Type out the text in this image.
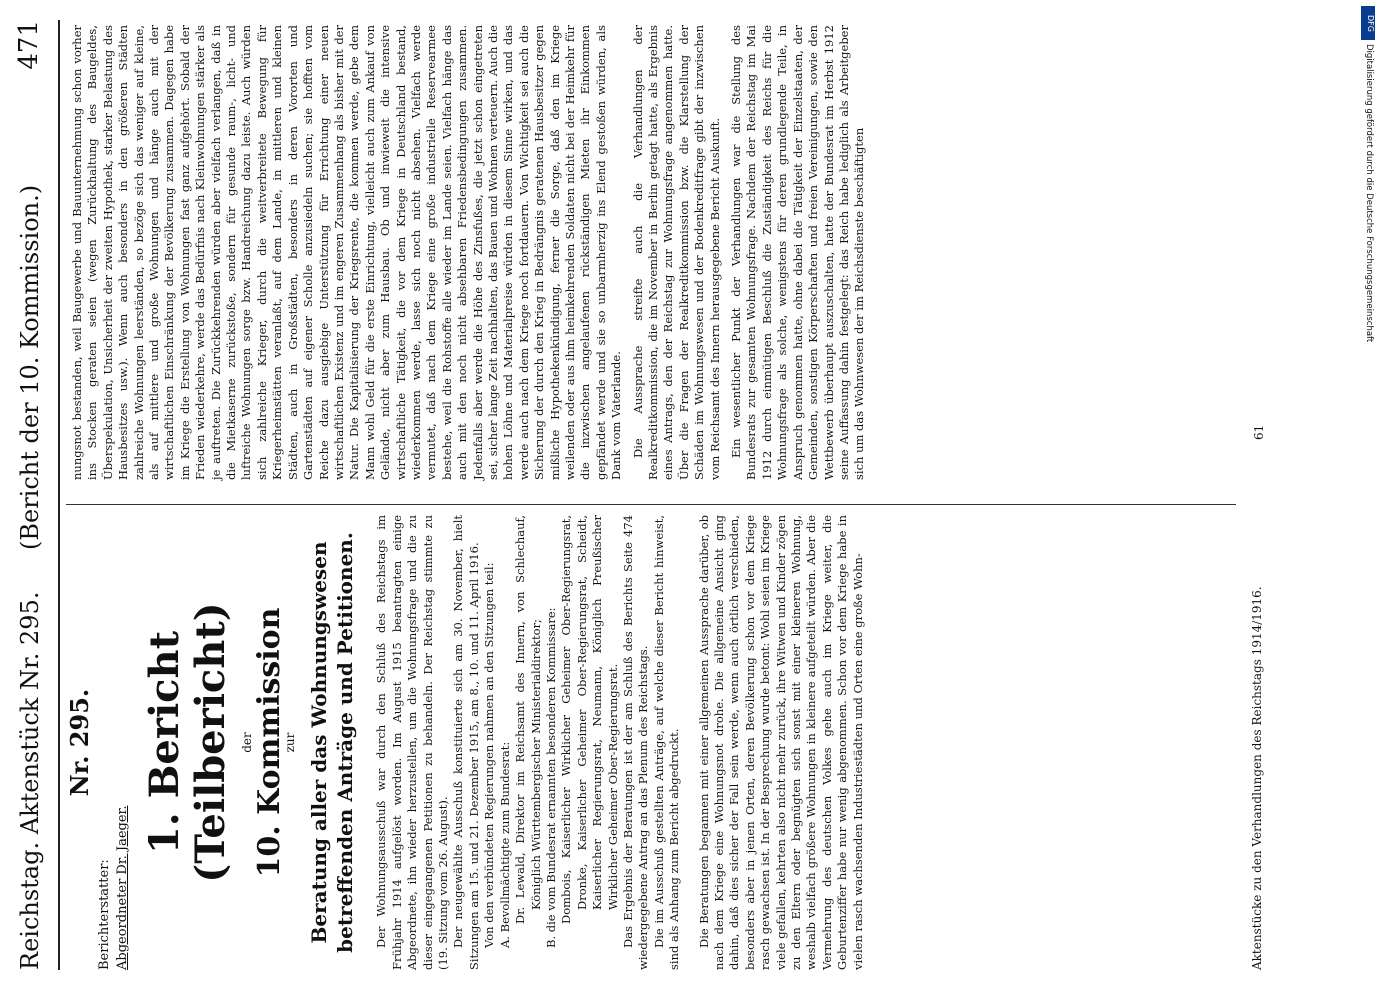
Reichstag. Aktenstück Nr. 295.
(Bericht der 10. Kommission.)
471
Nr. 295.
Berichterstatter: Abgeordneter Dr. Jaeger.
1. Bericht (Teilbericht) der
10. Kommission
zur Beratung aller das Wohnungswesen betreffenden Anträge und Petitionen. Der Wohnungsausschuß war durch den Schluß des Reichstags im Frühjahr 1914 aufgelöst worden. Im August 1915 beantragten einige Abgeordnete, ihn wieder herzustellen, um die Wohnungsfrage und die zu dieser eingegangenen Petitionen zu behandeln. Der Reichstag stimmte zu (19. Sitzung vom 26. August). Der neugewählte Ausschuß konstituierte sich am 30. November, hielt Sitzungen am 15. und 21. Dezember 1915, am 8., 10. und 11. April 1916. Von den verbündeten Regierungen nahmen an den Sitzungen teil: A. Bevollmächtigte zum Bundesrat: Dr. Lewald, Direktor im Reichsamt des Innern, von Schlechauf, Königlich Württembergischer Ministerialdirektor; B. die vom Bundesrat ernannten besonderen Kommissare: Dombois, Kaiserlicher Wirklicher Geheimer Ober-Regierungsrat, Dronke, Kaiserlicher Geheimer Ober-Regierungsrat, Scheidt, Kaiserlicher Regierungsrat, Neumann, Königlich Preußischer Wirklicher Geheimer Ober-Regierungsrat. Das Ergebnis der Beratungen ist der am Schluß des Berichts Seite 474 wiedergegebene Antrag an das Plenum des Reichstags. Die im Ausschuß gestellten Anträge, auf welche dieser Bericht hinweist, sind als Anhang zum Bericht abgedruckt. Die Beratungen begannen mit einer allgemeinen Aussprache darüber, ob nach dem Kriege eine Wohnungsnot drohe. Die allgemeine Ansicht ging dahin, daß dies sicher der Fall sein werde, wenn auch örtlich verschieden, besonders aber in jenen Orten, deren Bevölkerung schon vor dem Kriege rasch gewachsen ist. In der Besprechung wurde betont: Wohl seien im Kriege viele gefallen, kehrten also nicht mehr zurück, ihre Witwen und Kinder zögen zu den Eltern oder begnügten sich sonst mit einer kleineren Wohnung, weshalb vielfach größere Wohnungen in kleinere aufgeteilt würden. Aber die Vermehrung des deutschen Volkes gehe auch im Kriege weiter, die Geburtenziffer habe nur wenig abgenommen. Schon vor dem Kriege habe in vielen rasch wachsenden Industriestädten und Orten eine große Wohn-

nungsnot bestanden, weil Baugewerbe und Bauunternehmung schon vorher ins Stocken geraten seien (wegen Zurückhaltung des Baugeldes, Überspekulation, Unsicherheit der zweiten Hypothek, starker Belastung des Hausbesitzes usw.). Wenn auch besonders in den größeren Städten zahlreiche Wohnungen leerständen, so bezöge sich das weniger auf kleine, als auf mittlere und große Wohnungen und hänge auch mit der wirtschaftlichen Einschränkung der Bevölkerung zusammen. Dagegen habe im Kriege die Erstellung von Wohnungen fast ganz aufgehört. Sobald der Frieden wiederkehre, werde das Bedürfnis nach Kleinwohnungen stärker als je auftreten. Die Zurückkehrenden würden aber vielfach verlangen, daß in die Mietkaserne zurückstoße, sondern für gesunde raum-, licht- und luftreiche Wohnungen sorge bzw. Handreichung dazu leiste. Auch würden sich zahlreiche Krieger, durch die weitverbreitete Bewegung für Kriegerheimstätten veranlaßt, auf dem Lande, in mittleren und kleinen Städten, auch in Großstädten, besonders in deren Vororten und Gartenstädten auf eigener Scholle anzusiedeln suchen; sie hofften vom Reiche dazu ausgiebige Unterstützung für Errichtung einer neuen wirtschaftlichen Existenz und im engeren Zusammenhang als bisher mit der Natur. Die Kapitalisierung der Kriegsrente, die kommen werde, gebe dem Mann wohl Geld für die erste Einrichtung, vielleicht auch zum Ankauf von Gelände, nicht aber zum Hausbau. Ob und inwieweit die intensive wirtschaftliche Tätigkeit, die vor dem Kriege in Deutschland bestand, wiederkommen werde, lasse sich noch nicht absehen. Vielfach werde vermutet, daß nach dem Kriege eine große industrielle Reservearmee bestehe, weil die Rohstoffe alle wieder im Lande seien. Vielfach hänge das auch mit den noch nicht absehbaren Friedensbedingungen zusammen. Jedenfalls aber werde die Höhe des Zinsfußes, die jetzt schon eingetreten sei, sicher lange Zeit nachhalten, das Bauen und Wohnen verteuern. Auch die hohen Löhne und Materialpreise würden in diesem Sinne wirken, und das werde auch nach dem Kriege noch fortdauern. Von Wichtigkeit sei auch die Sicherung der durch den Krieg in Bedrängnis geratenen Hausbesitzer gegen mißliche Hypothekenkündigung, ferner die Sorge, daß den im Kriege weilenden oder aus ihm heimkehrenden Soldaten nicht bei der Heimkehr für die inzwischen angelaufenen rückständigen Mieten ihr Einkommen gepfändet werde und sie so unbarmherzig ins Elend gestoßen würden, als Dank vom Vaterlande. Die Aussprache streifte auch die Verhandlungen der Realkreditkommission, die im November in Berlin getagt hatte, als Ergebnis eines Antrags, den der Reichstag zur Wohnungsfrage angenommen hatte. Über die Fragen der Realkreditkommission bzw. die Klarstellung der Schäden im Wohnungswesen und der Bodenkreditfrage gibt der inzwischen vom Reichsamt des Innern herausgegebene Bericht Auskunft. Ein wesentlicher Punkt der Verhandlungen war die Stellung des Bundesrats zur gesamten Wohnungsfrage. Nachdem der Reichstag im Mai 1912 durch einmütigen Beschluß die Zuständigkeit des Reichs für die Wohnungsfrage als solche, wenigstens für deren grundlegende Teile, in Anspruch genommen hatte, ohne dabei die Tätigkeit der Einzelstaaten, der Gemeinden, sonstigen Körperschaften und freien Vereinigungen, sowie den Wettbewerb überhaupt auszuschalten, hatte der Bundesrat im Herbst 1912 seine Auffassung dahin festgelegt: das Reich habe lediglich als Arbeitgeber sich um das Wohnwesen der im Reichsdienste beschäftigten

Aktenstücke zu den Verhandlungen des Reichstags 1914/1916.
61
DFG
Digitalisierung gefördert durch die Deutsche Forschungsgemeinschaft
